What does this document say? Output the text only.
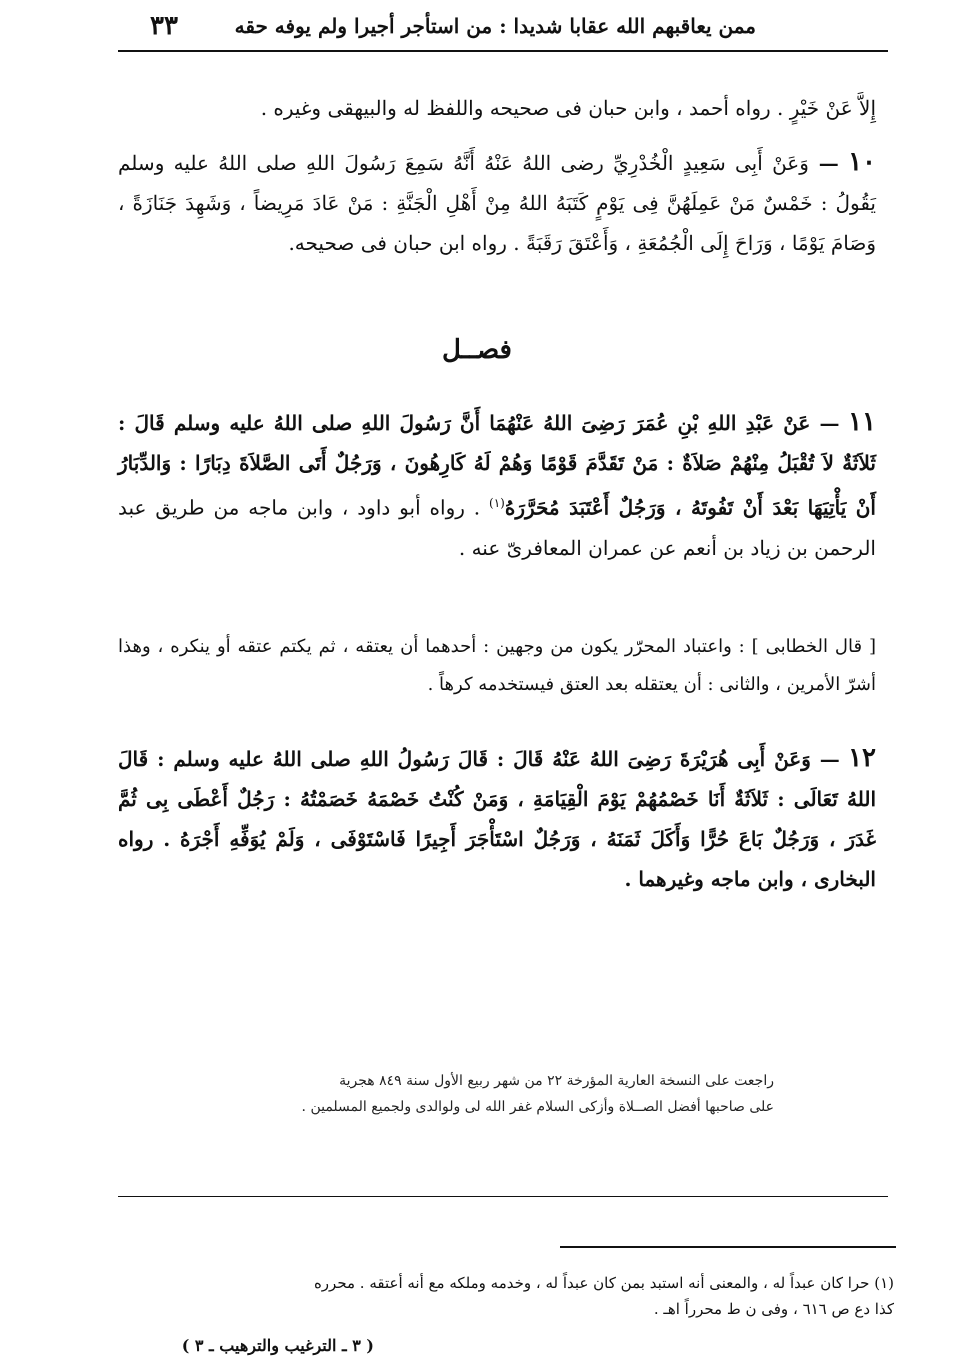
ممن يعاقبهم الله عقابا شديدا : من استأجر أجيرا ولم يوفه حقه
٣٣
إِلاَّ عَنْ خَيْرٍ . رواه أحمد ، وابن حبان فى صحيحه واللفظ له والبيهقى وغيره .
١٠ — وَعَنْ أَبِى سَعِيدٍ الْخُدْرِيِّ رضى اللهُ عَنْهُ أَنَّهُ سَمِعَ رَسُولَ اللهِ صلى اللهُ عليه وسلم يَقُولُ : خَمْسٌ مَنْ عَمِلَهُنَّ فِى يَوْمٍ كَتَبَهُ اللهُ مِنْ أَهْلِ الْجَنَّةِ : مَنْ عَادَ مَرِيضاً ، وَشَهِدَ جَنَازَةً ، وَصَامَ يَوْمًا ، وَرَاحَ إِلَى الْجُمُعَةِ ، وَأَعْتَقَ رَقَبَةً . رواه ابن حبان فى صحيحه.
فصــل
١١ — عَنْ عَبْدِ اللهِ بْنِ عُمَرَ رَضِىَ اللهُ عَنْهُمَا أَنَّ رَسُولَ اللهِ صلى اللهُ عليه وسلم قَالَ : ثَلاَثَةٌ لاَ تُقْبَلُ مِنْهُمْ صَلاَةٌ : مَنْ تَقَدَّمَ قَوْمًا وَهُمْ لَهُ كَارِهُونَ ، وَرَجُلٌ أَتَى الصَّلاَةَ دِبَارًا : وَالدِّبَارُ أَنْ يَأْتِيَهَا بَعْدَ أَنْ تَفُوتَهُ ، وَرَجُلٌ أَعْتَبَدَ مُحَرَّرَهُ$^{(١)}$ . رواه أبو داود ، وابن ماجه من طريق عبد الرحمن بن زياد بن أنعم عن عمران المعافرىّ عنه .
[ قال الخطابى ] : واعتباد المحرّر يكون من وجهين : أحدهما أن يعتقه ، ثم يكتم عتقه أو ينكره ، وهذا أشرّ الأمرين ، والثانى : أن يعتقله بعد العتق فيستخدمه كرهاً .
١٢ — وَعَنْ أَبِى هُرَيْرَةَ رَضِىَ اللهُ عَنْهُ قَالَ : قَالَ رَسُولُ اللهِ صلى اللهُ عليه وسلم : قَالَ اللهُ تَعَالَى : ثَلاَثَةٌ أَنَا خَصْمُهُمْ يَوْمَ الْقِيَامَةِ ، وَمَنْ كُنْتُ خَصْمَهُ خَصَمْتُهُ : رَجُلٌ أَعْطَى بِى ثُمَّ غَدَرَ ، وَرَجُلٌ بَاعَ حُرًّا وَأَكَلَ ثَمَنَهُ ، وَرَجُلٌ اسْتَأْجَرَ أَجِيرًا فَاسْتَوْفَى ، وَلَمْ يُوَفِّهِ أَجْرَهُ . رواه البخارى ، وابن ماجه وغيرهما .
راجعت على النسخة العارية المؤرخة ٢٢ من شهر ربيع الأول سنة ٨٤٩ هجرية
على صاحبها أفضل الصــلاة وأزكى السلام غفر الله لى ولوالدى ولجميع المسلمين .
(١) حرا كان عبداً له ، والمعنى أنه استبد بمن كان عبداً له ، وخدمه وملكه مع أنه أعتقه . محرره
كذا دع ص ٦١٦ ، وفى ن ط محرراً اهـ .
( ٣ ـ الترغيب والترهيب ـ ٣ )
